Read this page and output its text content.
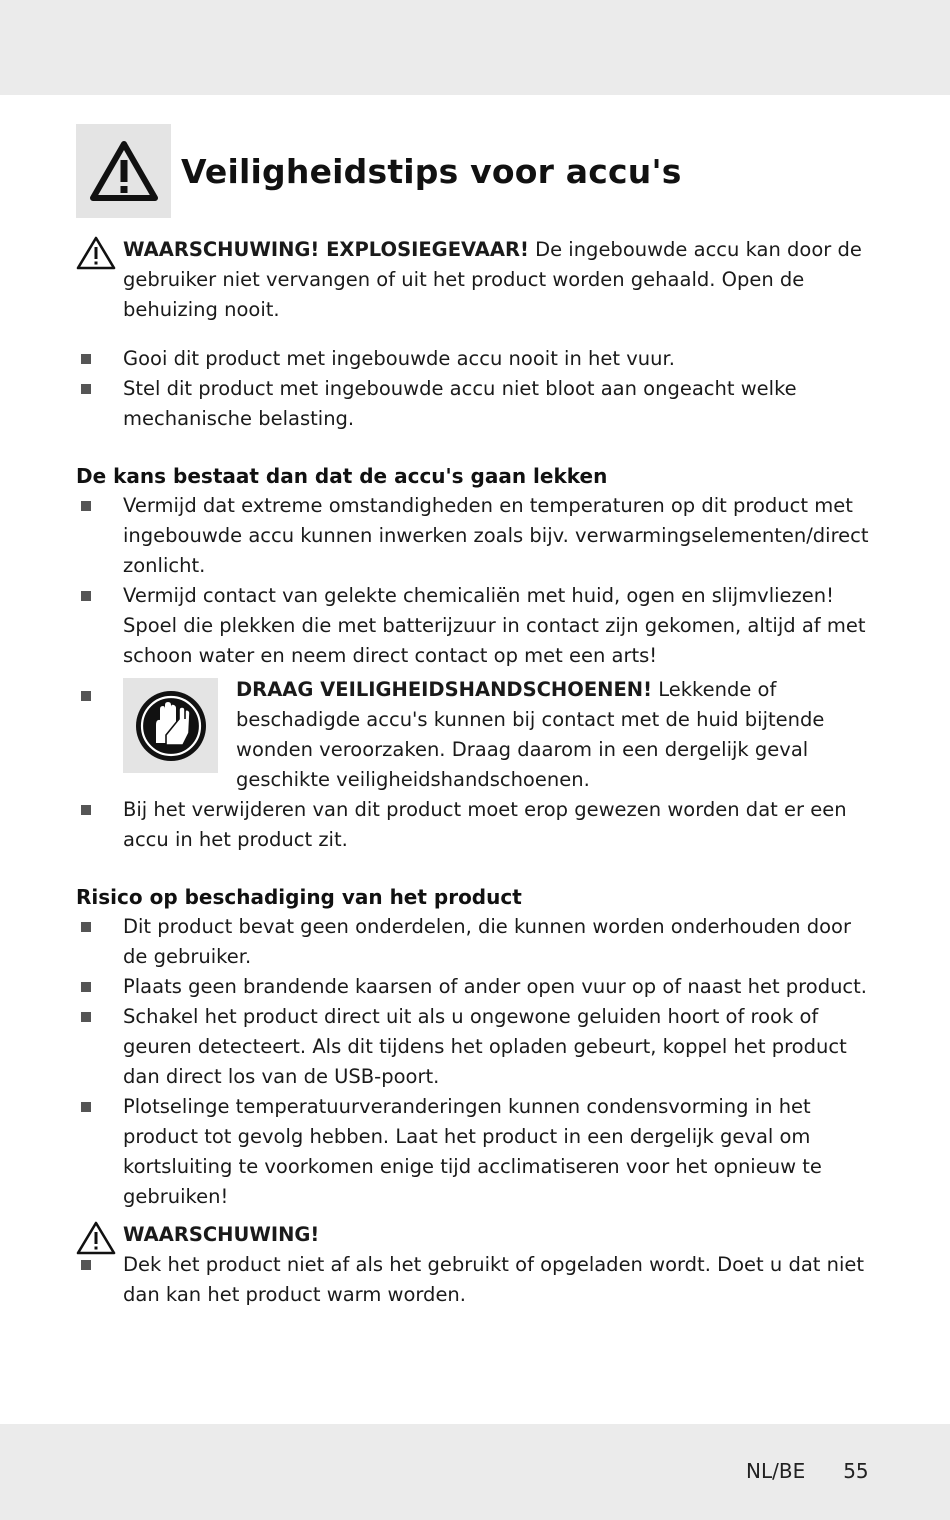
Veiligheidstips voor accu's
WAARSCHUWING! EXPLOSIEGEVAAR! De ingebouwde accu kan door de gebruiker niet vervangen of uit het product worden gehaald. Open de behuizing nooit.
Gooi dit product met ingebouwde accu nooit in het vuur.
Stel dit product met ingebouwde accu niet bloot aan ongeacht welke mechanische belasting.
De kans bestaat dan dat de accu's gaan lekken
Vermijd dat extreme omstandigheden en temperaturen op dit product met ingebouwde accu kunnen inwerken zoals bijv. verwarmingselementen/direct zonlicht.
Vermijd contact van gelekte chemicaliën met huid, ogen en slijmvliezen! Spoel die plekken die met batterijzuur in contact zijn gekomen, altijd af met schoon water en neem direct contact op met een arts!
DRAAG VEILIGHEIDSHANDSCHOENEN! Lekkende of beschadigde accu's kunnen bij contact met de huid bijtende wonden veroorzaken. Draag daarom in een dergelijk geval geschikte veiligheidshandschoenen.
Bij het verwijderen van dit product moet erop gewezen worden dat er een accu in het product zit.
Risico op beschadiging van het product
Dit product bevat geen onderdelen, die kunnen worden onderhouden door de gebruiker.
Plaats geen brandende kaarsen of ander open vuur op of naast het product.
Schakel het product direct uit als u ongewone geluiden hoort of rook of geuren detecteert. Als dit tijdens het opladen gebeurt, koppel het product dan direct los van de USB-poort.
Plotselinge temperatuurveranderingen kunnen condensvorming in het product tot gevolg hebben. Laat het product in een dergelijk geval om kortsluiting te voorkomen enige tijd acclimatiseren voor het opnieuw te gebruiken!
WAARSCHUWING!
Dek het product niet af als het gebruikt of opgeladen wordt. Doet u dat niet dan kan het product warm worden.
NL/BE 55
